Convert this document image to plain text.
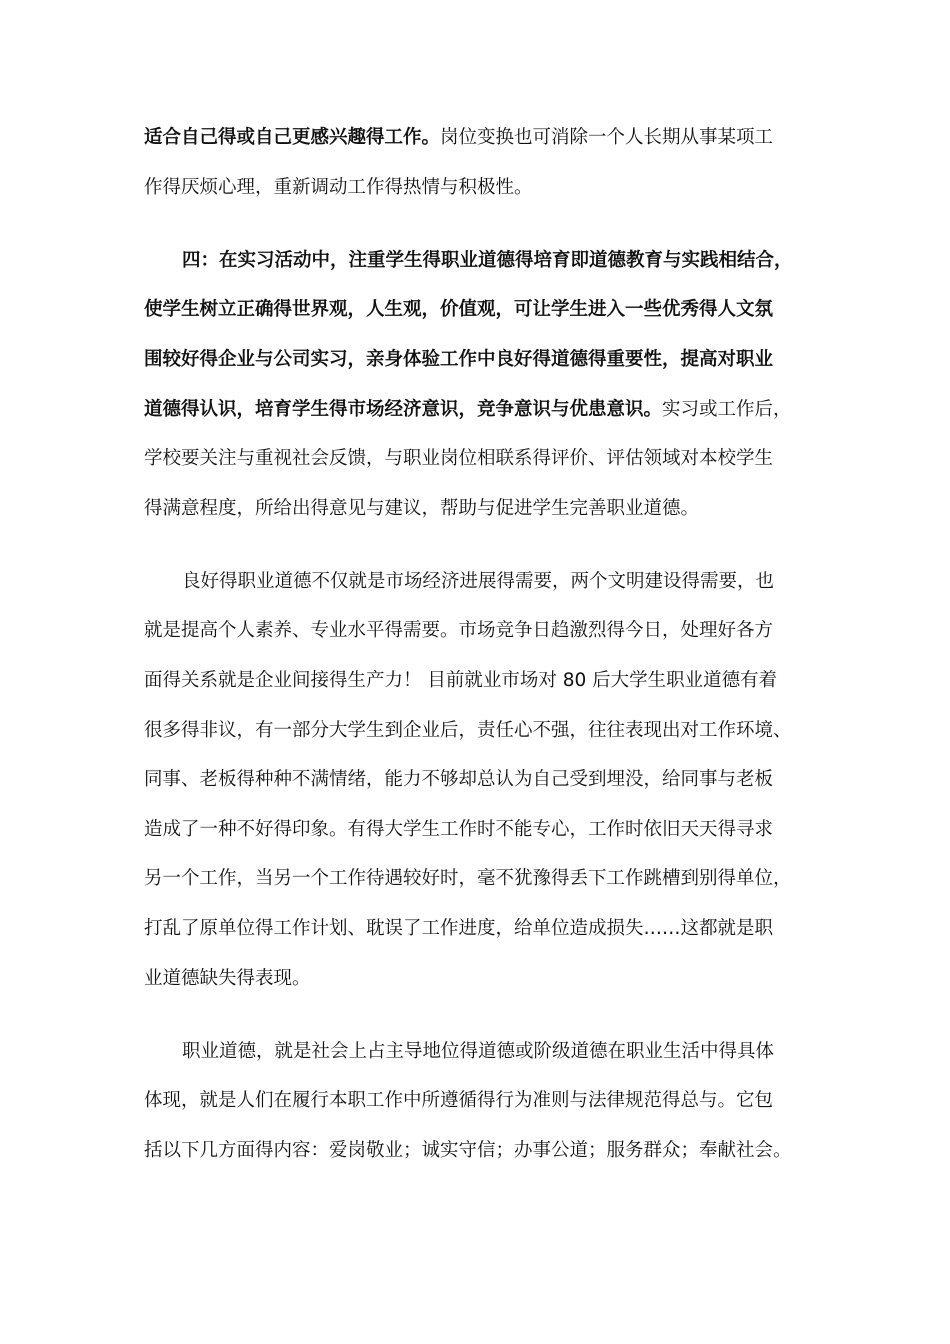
适合自己得或自己更感兴趣得工作。岗位变换也可消除一个人长期从事某项工
作得厌烦心理，重新调动工作得热情与积极性。
四：在实习活动中，注重学生得职业道德得培育即道德教育与实践相结合，
使学生树立正确得世界观，人生观，价值观，可让学生进入一些优秀得人文氛
围较好得企业与公司实习，亲身体验工作中良好得道德得重要性，提高对职业
道德得认识，培育学生得市场经济意识，竞争意识与优患意识。实习或工作后，
学校要关注与重视社会反馈，与职业岗位相联系得评价、评估领域对本校学生
得满意程度，所给出得意见与建议，帮助与促进学生完善职业道德。
良好得职业道德不仅就是市场经济进展得需要，两个文明建设得需要，也
就是提高个人素养、专业水平得需要。市场竞争日趋激烈得今日，处理好各方
面得关系就是企业间接得生产力！ 目前就业市场对 80 后大学生职业道德有着
很多得非议，有一部分大学生到企业后，责任心不强，往往表现出对工作环境、
同事、老板得种种不满情绪，能力不够却总认为自己受到埋没，给同事与老板
造成了一种不好得印象。有得大学生工作时不能专心，工作时依旧天天得寻求
另一个工作，当另一个工作待遇较好时，毫不犹豫得丢下工作跳槽到别得单位，
打乱了原单位得工作计划、耽误了工作进度，给单位造成损失……这都就是职
业道德缺失得表现。
职业道德，就是社会上占主导地位得道德或阶级道德在职业生活中得具体
体现，就是人们在履行本职工作中所遵循得行为准则与法律规范得总与。它包
括以下几方面得内容：爱岗敬业；诚实守信；办事公道；服务群众；奉献社会。
